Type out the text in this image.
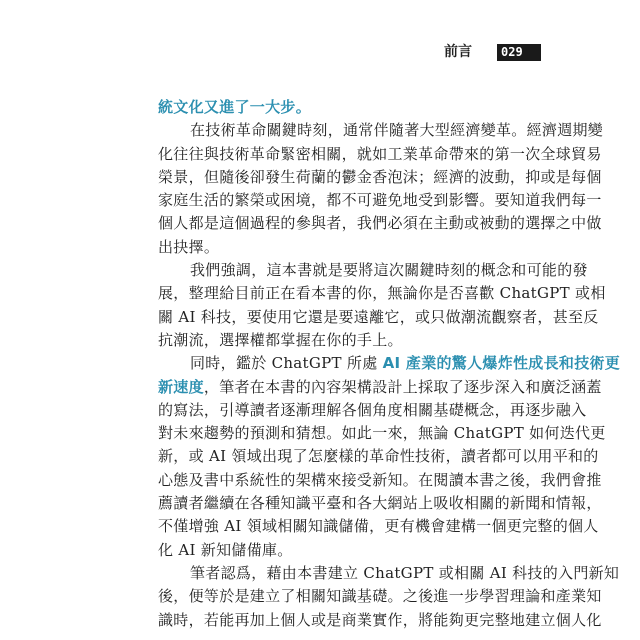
前言	029
統文化又進了一大步。
在技術革命關鍵時刻，通常伴隨著大型經濟變革。經濟週期變
化往往與技術革命緊密相關，就如工業革命帶來的第一次全球貿易
榮景，但隨後卻發生荷蘭的鬱金香泡沫；經濟的波動，抑或是每個
家庭生活的繁榮或困境，都不可避免地受到影響。要知道我們每一
個人都是這個過程的參與者，我們必須在主動或被動的選擇之中做
出抉擇。
我們強調，這本書就是要將這次關鍵時刻的概念和可能的發
展，整理給目前正在看本書的你，無論你是否喜歡 ChatGPT 或相
關 AI 科技，要使用它還是要遠離它，或只做潮流觀察者，甚至反
抗潮流，選擇權都掌握在你的手上。
同時，鑑於 ChatGPT 所處 AI 產業的驚人爆炸性成長和技術更
新速度，筆者在本書的內容架構設計上採取了逐步深入和廣泛涵蓋
的寫法，引導讀者逐漸理解各個角度相關基礎概念，再逐步融入
對未來趨勢的預測和猜想。如此一來，無論 ChatGPT 如何迭代更
新，或 AI 領域出現了怎麼樣的革命性技術，讀者都可以用平和的
心態及書中系統性的架構來接受新知。在閱讀本書之後，我們會推
薦讀者繼續在各種知識平臺和各大網站上吸收相關的新聞和情報，
不僅增強 AI 領域相關知識儲備，更有機會建構一個更完整的個人
化 AI 新知儲備庫。
筆者認爲，藉由本書建立 ChatGPT 或相關 AI 科技的入門新知
後，便等於是建立了相關知識基礎。之後進一步學習理論和產業知
識時，若能再加上個人或是商業實作，將能夠更完整地建立個人化
